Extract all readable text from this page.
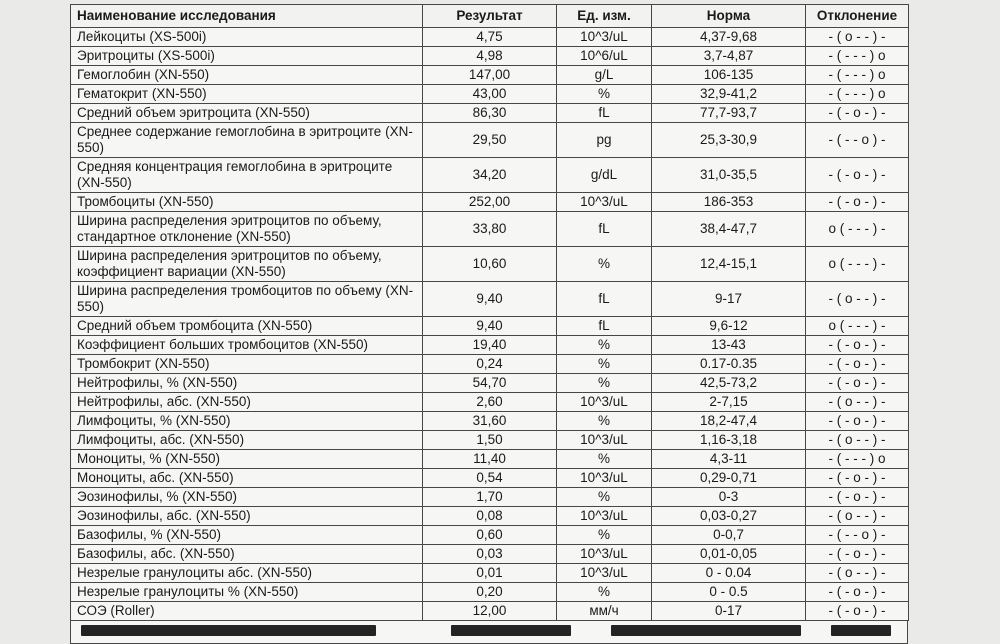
Наименование исследования	Результат	Ед. изм.	Норма	Отклонение
Лейкоциты (XS-500i)	4,75	10^3/uL	4,37-9,68	- ( o - - ) -
Эритроциты (XS-500i)	4,98	10^6/uL	3,7-4,87	- ( - - - ) o
Гемоглобин (XN-550)	147,00	g/L	106-135	- ( - - - ) o
Гематокрит (XN-550)	43,00	%	32,9-41,2	- ( - - - ) o
Средний объем эритроцита (XN-550)	86,30	fL	77,7-93,7	- ( - o - ) -
Среднее содержание гемоглобина в эритроците (XN-550)	29,50	pg	25,3-30,9	- ( - - o ) -
Средняя концентрация гемоглобина в эритроците (XN-550)	34,20	g/dL	31,0-35,5	- ( - o - ) -
Тромбоциты (XN-550)	252,00	10^3/uL	186-353	- ( - o - ) -
Ширина распределения эритроцитов по объему, стандартное отклонение (XN-550)	33,80	fL	38,4-47,7	o ( - - - ) -
Ширина распределения эритроцитов по объему, коэффициент вариации (XN-550)	10,60	%	12,4-15,1	o ( - - - ) -
Ширина распределения тромбоцитов по объему (XN-550)	9,40	fL	9-17	- ( o - - ) -
Средний объем тромбоцита (XN-550)	9,40	fL	9,6-12	o ( - - - ) -
Коэффициент больших тромбоцитов (XN-550)	19,40	%	13-43	- ( - o - ) -
Тромбокрит (XN-550)	0,24	%	0.17-0.35	- ( - o - ) -
Нейтрофилы, % (XN-550)	54,70	%	42,5-73,2	- ( - o - ) -
Нейтрофилы, абс. (XN-550)	2,60	10^3/uL	2-7,15	- ( o - - ) -
Лимфоциты, % (XN-550)	31,60	%	18,2-47,4	- ( - o - ) -
Лимфоциты, абс. (XN-550)	1,50	10^3/uL	1,16-3,18	- ( o - - ) -
Моноциты, % (XN-550)	11,40	%	4,3-11	- ( - - - ) o
Моноциты, абс. (XN-550)	0,54	10^3/uL	0,29-0,71	- ( - o - ) -
Эозинофилы, % (XN-550)	1,70	%	0-3	- ( - o - ) -
Эозинофилы, абс. (XN-550)	0,08	10^3/uL	0,03-0,27	- ( o - - ) -
Базофилы, % (XN-550)	0,60	%	0-0,7	- ( - - o ) -
Базофилы, абс. (XN-550)	0,03	10^3/uL	0,01-0,05	- ( - o - ) -
Незрелые гранулоциты абс. (XN-550)	0,01	10^3/uL	0 - 0.04	- ( o - - ) -
Незрелые гранулоциты % (XN-550)	0,20	%	0 - 0.5	- ( - o - ) -
СОЭ (Roller)	12,00	мм/ч	0-17	- ( - o - ) -
